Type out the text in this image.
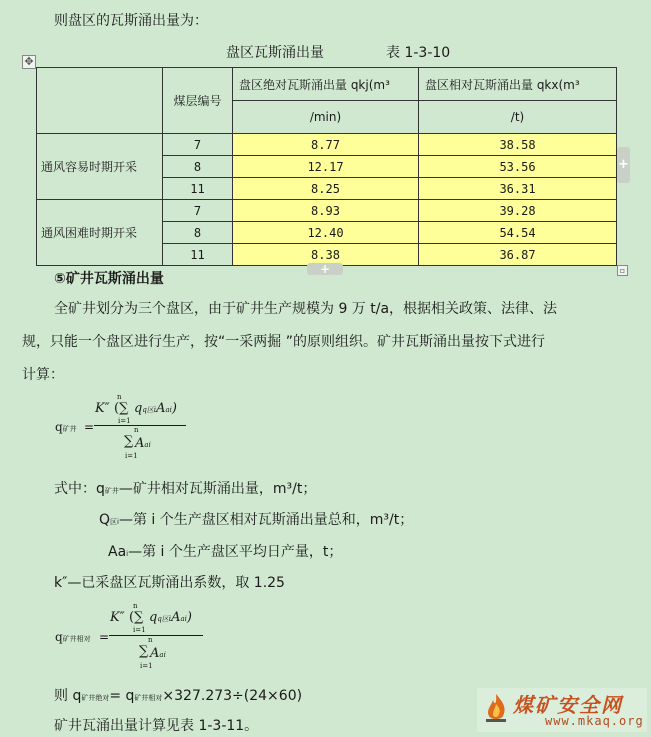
则盘区的瓦斯涌出量为：
盘区瓦斯涌出量	表 1-3-10
✥
	煤层编号	盘区绝对瓦斯涌出量 qkj(m³	盘区相对瓦斯涌出量 qkx(m³

		/min)	/t)

通风容易时期开采	7	8.77	38.58
	8	12.17	53.56
	11	8.25	36.31
通风困难时期开采	7	8.93	39.28
	8	12.40	54.54
	11	8.38	36.87
+
+	▫
⑤矿井瓦斯涌出量
全矿井划分为三个盘区，由于矿井生产规模为 9 万 t/a，根据相关政策、法律、法
规，只能一个盘区进行生产，按“一采两掘 ”的原则组织。矿井瓦斯涌出量按下式进行
计算：
q矿井 =
K″
n
(∑
i=1
qq区iAai)
n
∑ Aai
i=1
式中：q矿井—矿井相对瓦斯涌出量，m³/t；
Q区i—第 i 个生产盘区相对瓦斯涌出量总和，m³/t；
Aai—第 i 个生产盘区平均日产量，t；
k″—已采盘区瓦斯涌出系数，取 1.25
q矿井相对 =
K″
n
(∑
i=1
qq区iAai)
n
∑ Aai
i=1
则 q矿井绝对= q矿井相对×327.273÷(24×60)
矿井瓦涌出量计算见表 1-3-11。
煤矿安全网
www.mkaq.org
